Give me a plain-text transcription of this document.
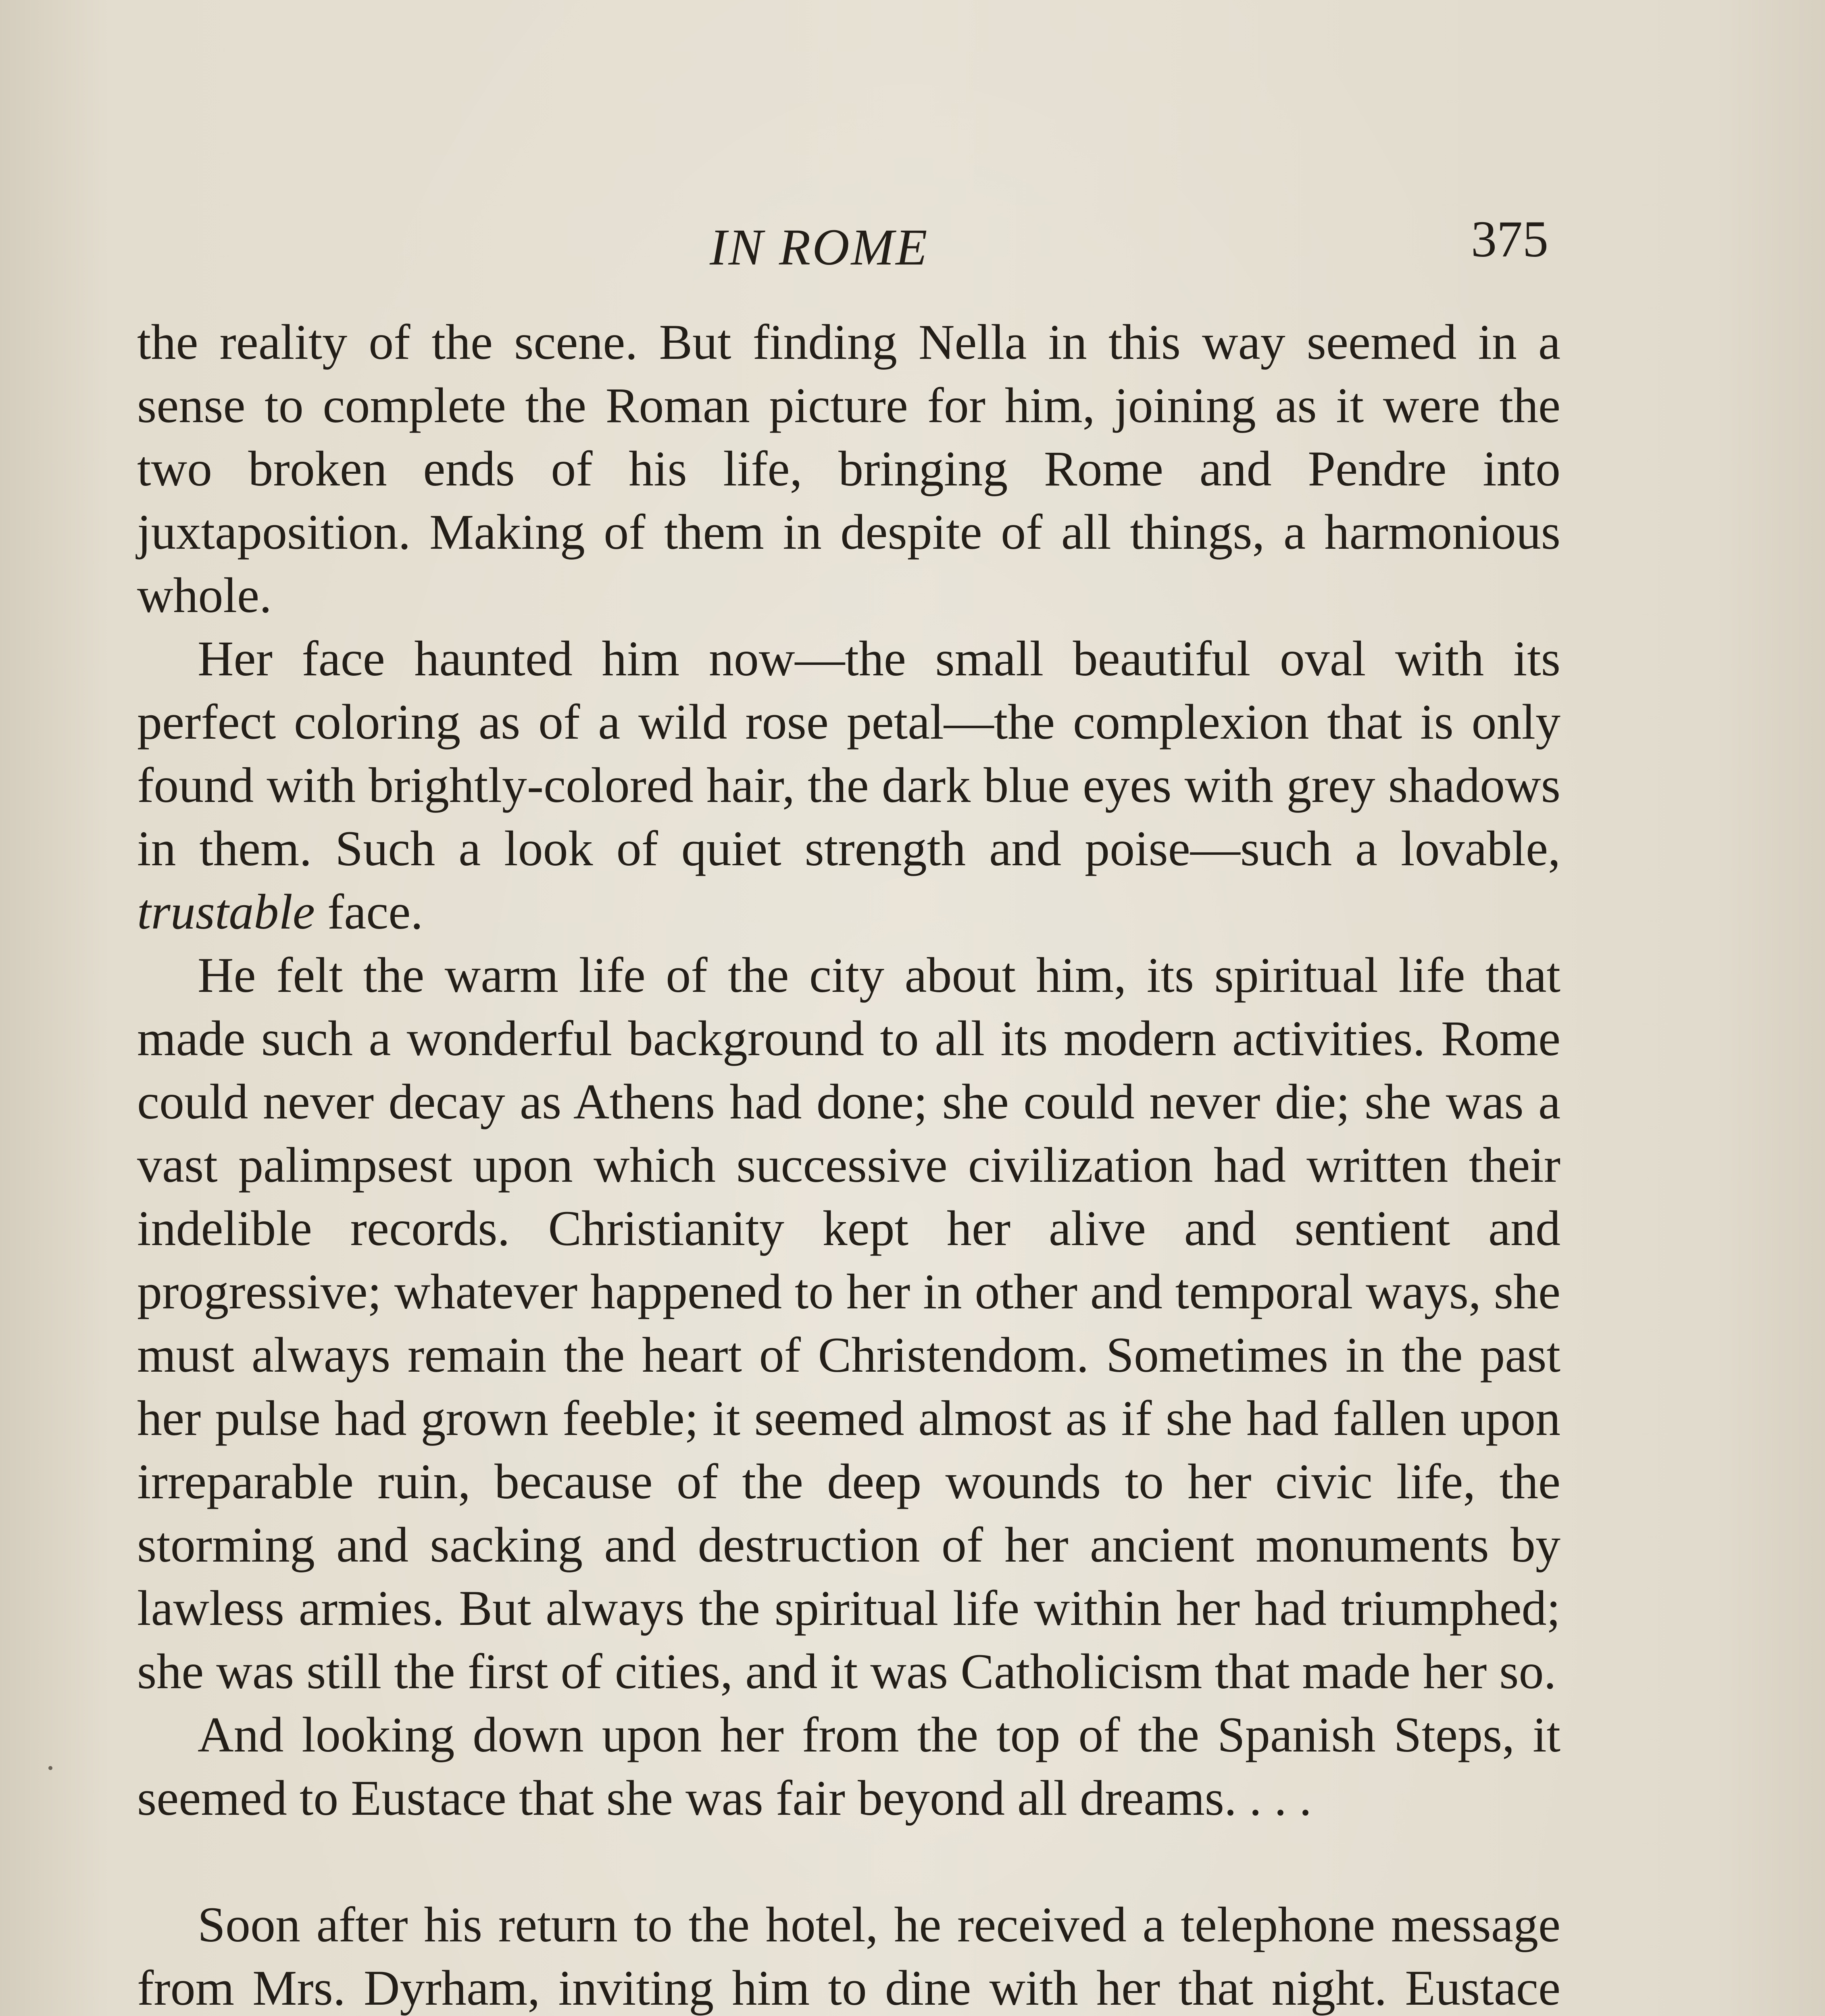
IN ROME	375

the reality of the scene. But finding Nella in this way seemed in a sense to complete the Roman picture for him, joining as it were the two broken ends of his life, bringing Rome and Pendre into juxtaposition. Making of them in despite of all things, a harmonious whole.

Her face haunted him now—the small beautiful oval with its perfect coloring as of a wild rose petal—the complexion that is only found with brightly-colored hair, the dark blue eyes with grey shadows in them. Such a look of quiet strength and poise—such a lovable, trustable face.

He felt the warm life of the city about him, its spiritual life that made such a wonderful background to all its modern activities. Rome could never decay as Athens had done; she could never die; she was a vast palimpsest upon which successive civilization had written their indelible records. Christianity kept her alive and sentient and progressive; whatever happened to her in other and temporal ways, she must always remain the heart of Christendom. Sometimes in the past her pulse had grown feeble; it seemed almost as if she had fallen upon irreparable ruin, because of the deep wounds to her civic life, the storming and sacking and destruction of her ancient monuments by lawless armies. But always the spiritual life within her had triumphed; she was still the first of cities, and it was Catholicism that made her so.

And looking down upon her from the top of the Spanish Steps, it seemed to Eustace that she was fair beyond all dreams. . . .

Soon after his return to the hotel, he received a telephone message from Mrs. Dyrham, inviting him to dine with her that night. Eustace
